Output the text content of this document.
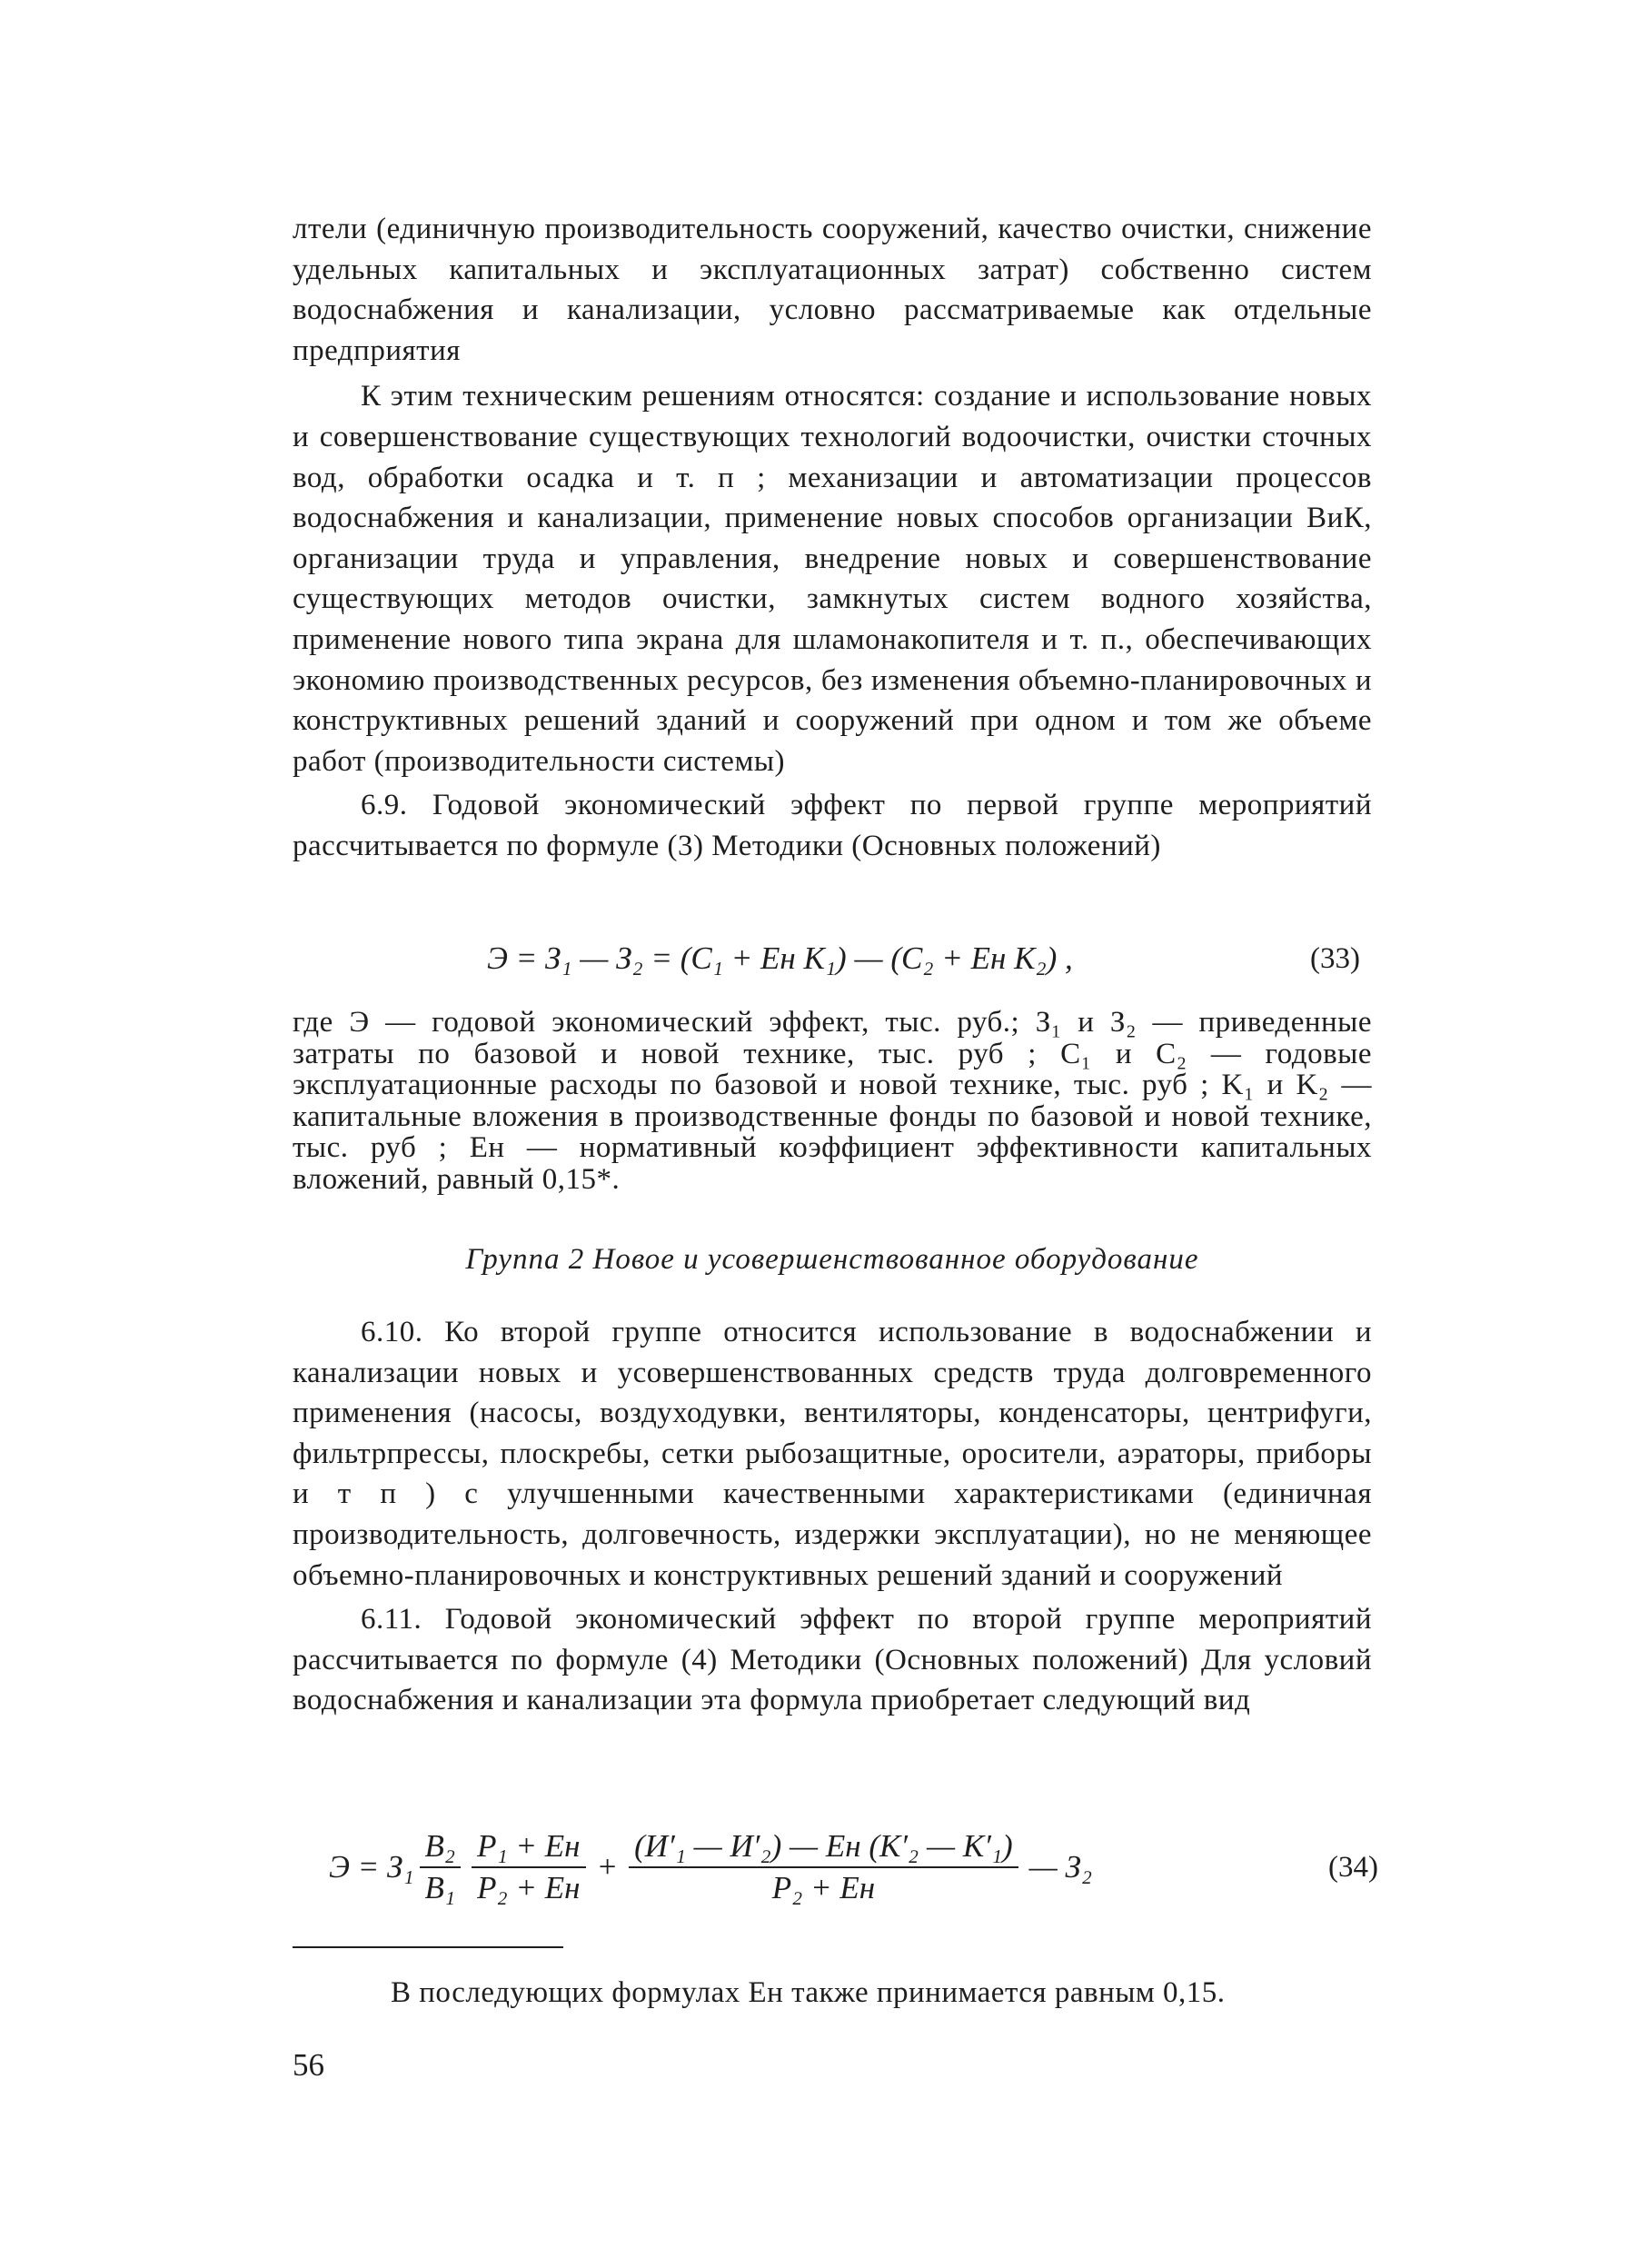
лтели (единичную производительность сооружений, качество очистки, снижение удельных капитальных и эксплуатационных затрат) собственно систем водоснабжения и канализации, условно рассматриваемые как отдельные предприятия

К этим техническим решениям относятся: создание и использование новых и совершенствование существующих технологий водоочистки, очистки сточных вод, обработки осадка и т. п ; механизации и автоматизации процессов водоснабжения и канализации, применение новых способов организации ВиК, организации труда и управления, внедрение новых и совершенствование существующих методов очистки, замкнутых систем водного хозяйства, применение нового типа экрана для шламонакопителя и т. п., обеспечивающих экономию производственных ресурсов, без изменения объемно-планировочных и конструктивных решений зданий и сооружений при одном и том же объеме работ (производительности системы)

6.9. Годовой экономический эффект по первой группе мероприятий рассчитывается по формуле (3) Методики (Основных положений)

Э = З₁ — З₂ = (C₁ + Eн K₁) — (C₂ + Eн K₂) ,	(33)

где Э — годовой экономический эффект, тыс. руб.; З₁ и З₂ — приведенные затраты по базовой и новой технике, тыс. руб ; C₁ и C₂ — годовые эксплуатационные расходы по базовой и новой технике, тыс. руб ; K₁ и K₂ — капитальные вложения в производственные фонды по базовой и новой технике, тыс. руб ; Eн — нормативный коэффициент эффективности капитальных вложений, равный 0,15*.

Группа 2 Новое и усовершенствованное оборудование

6.10. Ко второй группе относится использование в водоснабжении и канализации новых и усовершенствованных средств труда долговременного применения (насосы, воздуходувки, вентиляторы, конденсаторы, центрифуги, фильтрпрессы, плоскребы, сетки рыбозащитные, оросители, аэраторы, приборы и т п ) с улучшенными качественными характеристиками (единичная производительность, долговечность, издержки эксплуатации), но не меняющее объемно-планировочных и конструктивных решений зданий и сооружений

6.11. Годовой экономический эффект по второй группе мероприятий рассчитывается по формуле (4) Методики (Основных положений) Для условий водоснабжения и канализации эта формула приобретает следующий вид

$Э = З_1 \frac{\text{B₂}}{\text{B₁}} \frac{\text{P₁ + Eн}}{\text{P₂ + Eн}} + \frac{\text{(И′₁ — И′₂) — Eн (K′₂ — K′₁)}}{\text{P₂ + Eн}}$ — З₂	(34)
В последующих формулах Eн также принимается равным 0,15.
56
